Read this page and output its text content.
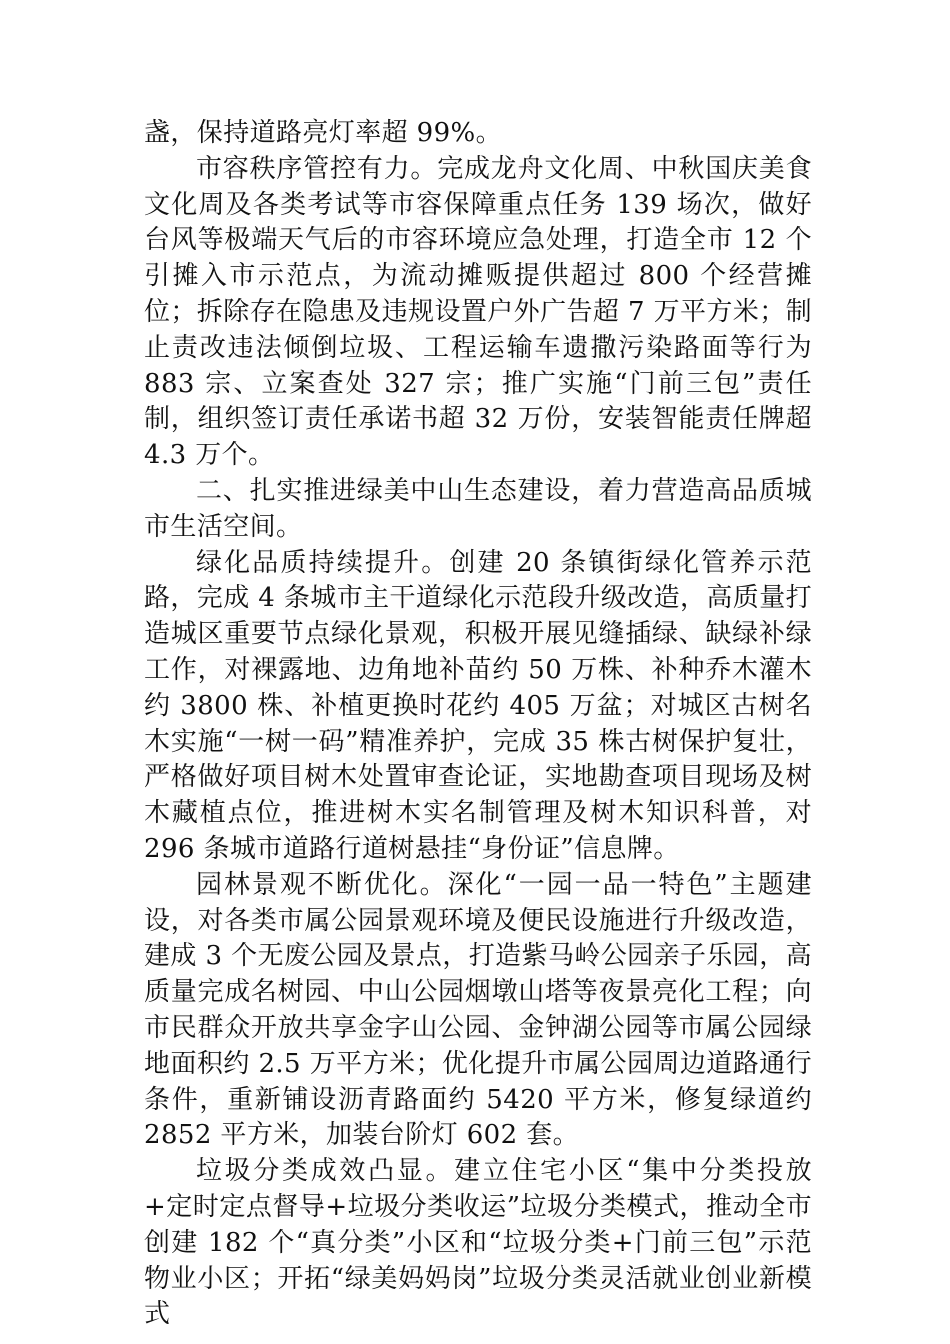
盏，保持道路亮灯率超 99%。

市容秩序管控有力。完成龙舟文化周、中秋国庆美食文化周及各类考试等市容保障重点任务 139 场次，做好台风等极端天气后的市容环境应急处理，打造全市 12 个引摊入市示范点，为流动摊贩提供超过 800 个经营摊位；拆除存在隐患及违规设置户外广告超 7 万平方米；制止责改违法倾倒垃圾、工程运输车遗撒污染路面等行为 883 宗、立案查处 327 宗；推广实施“门前三包”责任制，组织签订责任承诺书超 32 万份，安装智能责任牌超 4.3 万个。

二、扎实推进绿美中山生态建设，着力营造高品质城市生活空间。

绿化品质持续提升。创建 20 条镇街绿化管养示范路，完成 4 条城市主干道绿化示范段升级改造，高质量打造城区重要节点绿化景观，积极开展见缝插绿、缺绿补绿工作，对裸露地、边角地补苗约 50 万株、补种乔木灌木约 3800 株、补植更换时花约 405 万盆；对城区古树名木实施“一树一码”精准养护，完成 35 株古树保护复壮，严格做好项目树木处置审查论证，实地勘查项目现场及树木藏植点位，推进树木实名制管理及树木知识科普，对 296 条城市道路行道树悬挂“身份证”信息牌。

园林景观不断优化。深化“一园一品一特色”主题建设，对各类市属公园景观环境及便民设施进行升级改造，建成 3 个无废公园及景点，打造紫马岭公园亲子乐园，高质量完成名树园、中山公园烟墩山塔等夜景亮化工程；向市民群众开放共享金字山公园、金钟湖公园等市属公园绿地面积约 2.5 万平方米；优化提升市属公园周边道路通行条件，重新铺设沥青路面约 5420 平方米，修复绿道约 2852 平方米，加装台阶灯 602 套。

垃圾分类成效凸显。建立住宅小区“集中分类投放+定时定点督导+垃圾分类收运”垃圾分类模式，推动全市创建 182 个“真分类”小区和“垃圾分类+门前三包”示范物业小区；开拓“绿美妈妈岗”垃圾分类灵活就业创业新模式
